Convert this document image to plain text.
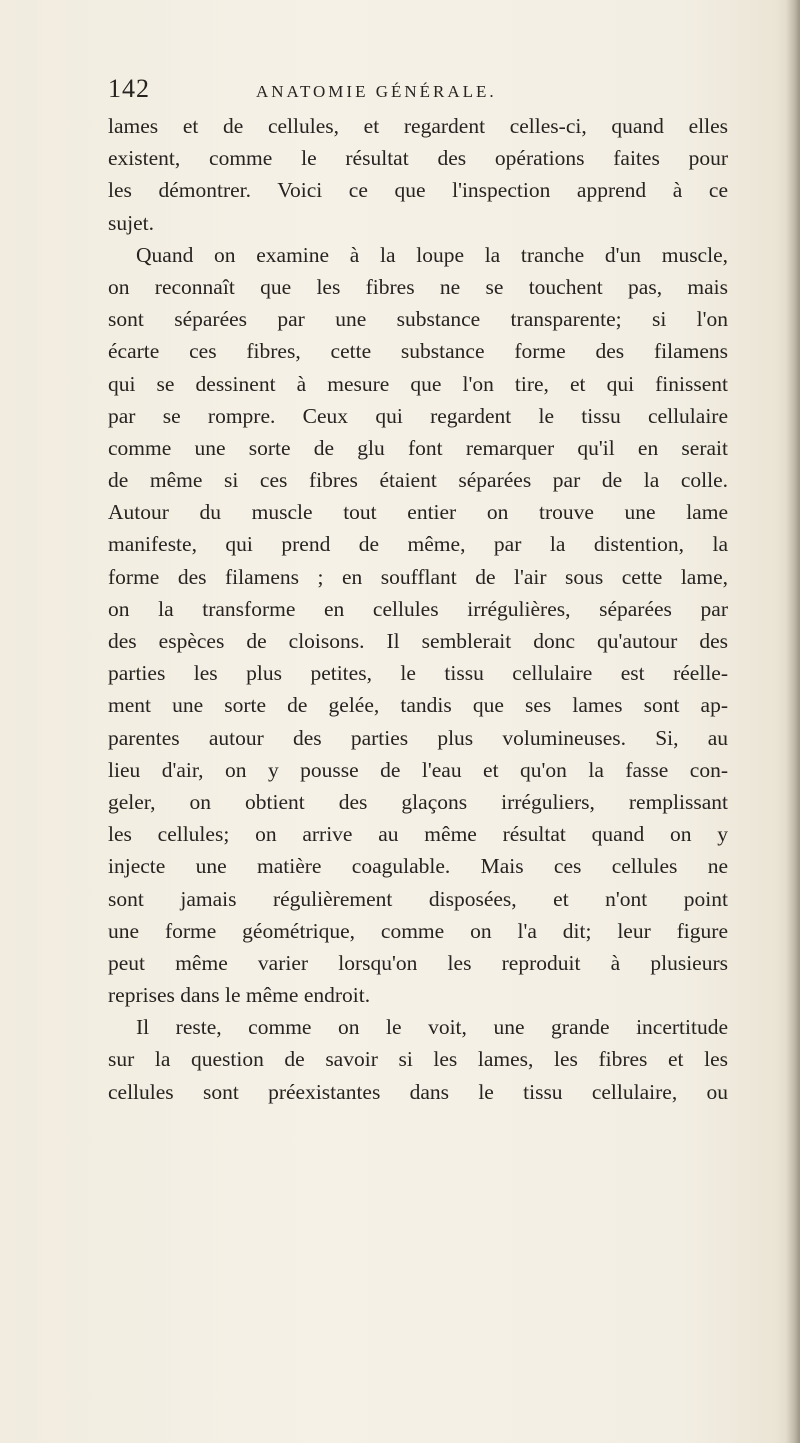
142	ANATOMIE GÉNÉRALE.
lames et de cellules, et regardent celles-ci, quand elles
existent, comme le résultat des opérations faites pour
les démontrer. Voici ce que l'inspection apprend à ce
sujet.
Quand on examine à la loupe la tranche d'un muscle,
on reconnaît que les fibres ne se touchent pas, mais
sont séparées par une substance transparente; si l'on
écarte ces fibres, cette substance forme des filamens
qui se dessinent à mesure que l'on tire, et qui finissent
par se rompre. Ceux qui regardent le tissu cellulaire
comme une sorte de glu font remarquer qu'il en serait
de même si ces fibres étaient séparées par de la colle.
Autour du muscle tout entier on trouve une lame
manifeste, qui prend de même, par la distention, la
forme des filamens ; en soufflant de l'air sous cette lame,
on la transforme en cellules irrégulières, séparées par
des espèces de cloisons. Il semblerait donc qu'autour des
parties les plus petites, le tissu cellulaire est réelle-
ment une sorte de gelée, tandis que ses lames sont ap-
parentes autour des parties plus volumineuses. Si, au
lieu d'air, on y pousse de l'eau et qu'on la fasse con-
geler, on obtient des glaçons irréguliers, remplissant
les cellules; on arrive au même résultat quand on y
injecte une matière coagulable. Mais ces cellules ne
sont jamais régulièrement disposées, et n'ont point
une forme géométrique, comme on l'a dit; leur figure
peut même varier lorsqu'on les reproduit à plusieurs
reprises dans le même endroit.
Il reste, comme on le voit, une grande incertitude
sur la question de savoir si les lames, les fibres et les
cellules sont préexistantes dans le tissu cellulaire, ou
